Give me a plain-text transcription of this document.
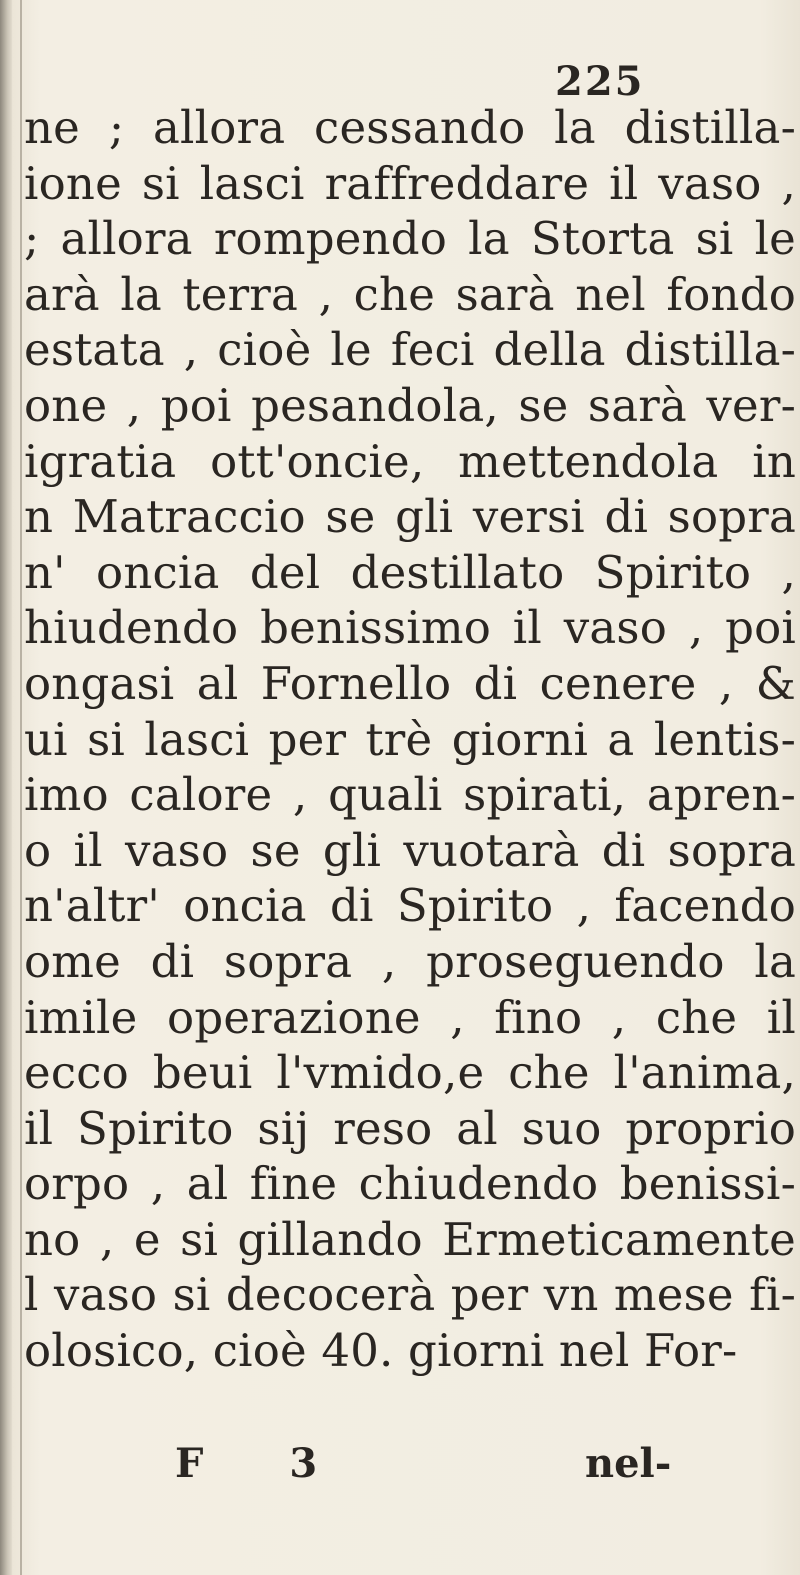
225
ne ; allora cessando la distilla-
ione si lasci raffreddare il vaso ,
; allora rompendo la Storta si le
arà la terra , che sarà nel fondo
estata , cioè le feci della distilla-
one , poi pesandola, se sarà ver-
igratia ott'oncie, mettendola in
n Matraccio se gli versi di sopra
n' oncia del destillato Spirito ,
hiudendo benissimo il vaso , poi
ongasi al Fornello di cenere , &
ui si lasci per trè giorni a lentis-
imo calore , quali spirati, apren-
o il vaso se gli vuotarà di sopra
n'altr' oncia di Spirito , facendo
ome di sopra , proseguendo la
imile operazione , fino , che il
ecco beui l'vmido,e che l'anima,
il Spirito sij reso al suo proprio
orpo , al fine chiudendo benissi-
no , e si gillando Ermeticamente
l vaso si decocerà per vn mese fi-
olosico, cioè 40. giorni nel For-
F 3	nel-
